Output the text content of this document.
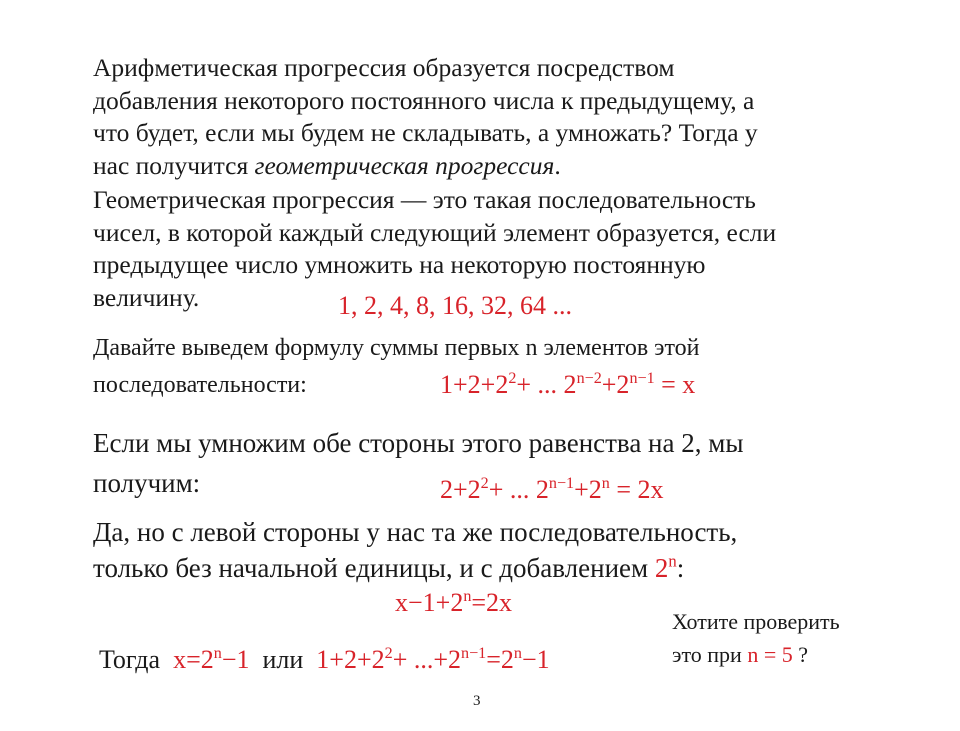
Арифметическая прогрессия образуется посредством
добавления некоторого постоянного числа к предыдущему, а
что будет, если мы будем не складывать, а умножать? Тогда у
нас получится геометрическая прогрессия.
Геометрическая прогрессия — это такая последовательность
чисел, в которой каждый следующий элемент образуется, если
предыдущее число умножить на некоторую постоянную
величину.	1, 2, 4, 8, 16, 32, 64 ...
Давайте выведем формулу суммы первых n элементов этой
последовательности:	$1+2+2^2+$ ... $2^{n-2}+2^{n-1} = x$
Если мы умножим обе стороны этого равенства на 2, мы
получим:	$2+2^2+$ ... $2^{n-1}+2^n = 2x$
Да, но с левой стороны у нас та же последовательность,
только без начальной единицы, и с добавлением 2$^n$:
$x-1+2^n=2x$
Хотите проверить
это при n = 5 ?
Тогда  $x=2^n-1$  или  $1+2+2^2+ ...+2^{n-1}=2^n-1$
3
